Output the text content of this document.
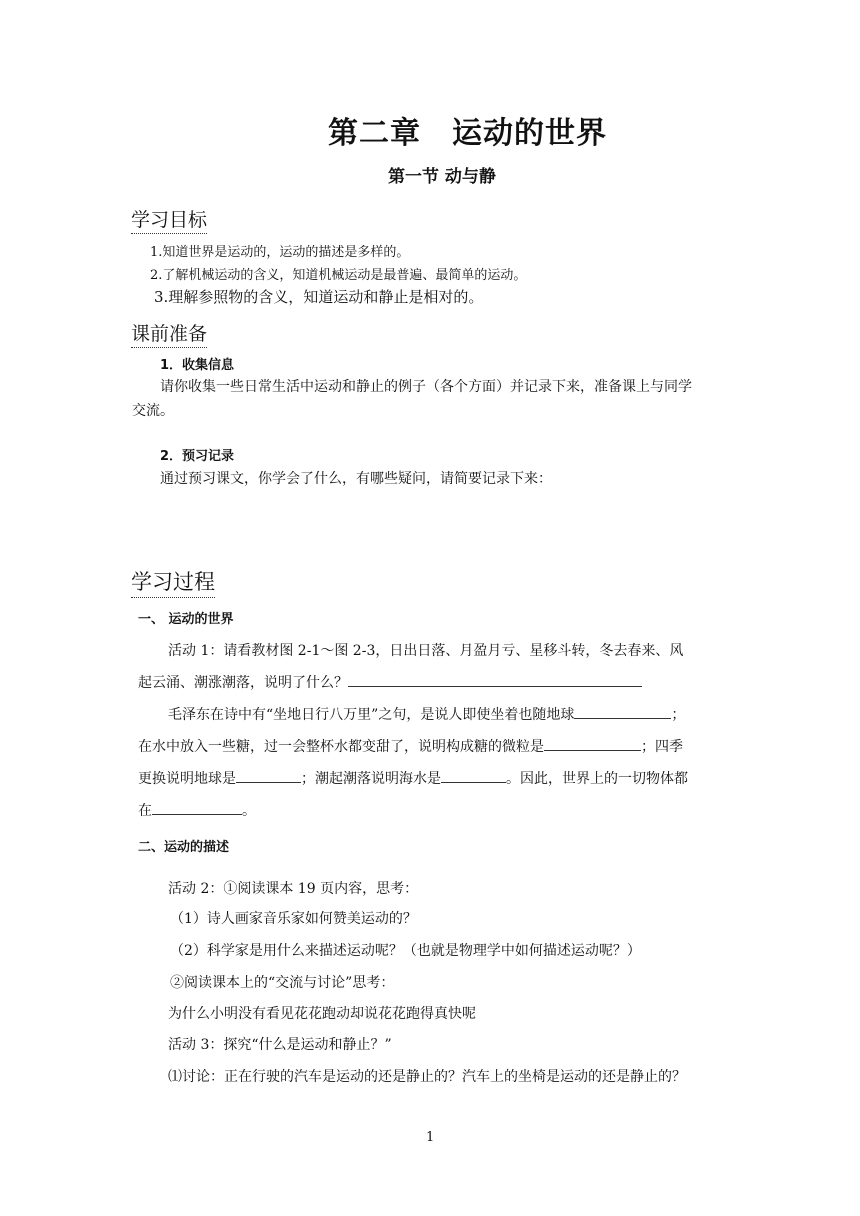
第二章　运动的世界
第一节 动与静
学习目标
1.知道世界是运动的，运动的描述是多样的。
2.了解机械运动的含义，知道机械运动是最普遍、最简单的运动。
3.理解参照物的含义，知道运动和静止是相对的。
课前准备
1．收集信息
请你收集一些日常生活中运动和静止的例子（各个方面）并记录下来，准备课上与同学
交流。
2．预习记录
通过预习课文，你学会了什么，有哪些疑问，请简要记录下来：
学习过程
一、 运动的世界
活动 1：请看教材图 2-1～图 2-3，日出日落、月盈月亏、星移斗转，冬去春来、风
起云涌、潮涨潮落，说明了什么？
毛泽东在诗中有“坐地日行八万里”之句，是说人即使坐着也随地球	；
在水中放入一些糖，过一会整杯水都变甜了，说明构成糖的微粒是	；四季
更换说明地球是	；潮起潮落说明海水是	。因此，世界上的一切物体都
在	。
二、运动的描述
活动 2：①阅读课本 19 页内容，思考：
（1）诗人画家音乐家如何赞美运动的？
（2）科学家是用什么来描述运动呢？（也就是物理学中如何描述运动呢？）
②阅读课本上的“交流与讨论”思考：
为什么小明没有看见花花跑动却说花花跑得真快呢
活动 3：探究“什么是运动和静止？”
⑴讨论：正在行驶的汽车是运动的还是静止的？汽车上的坐椅是运动的还是静止的？
1
